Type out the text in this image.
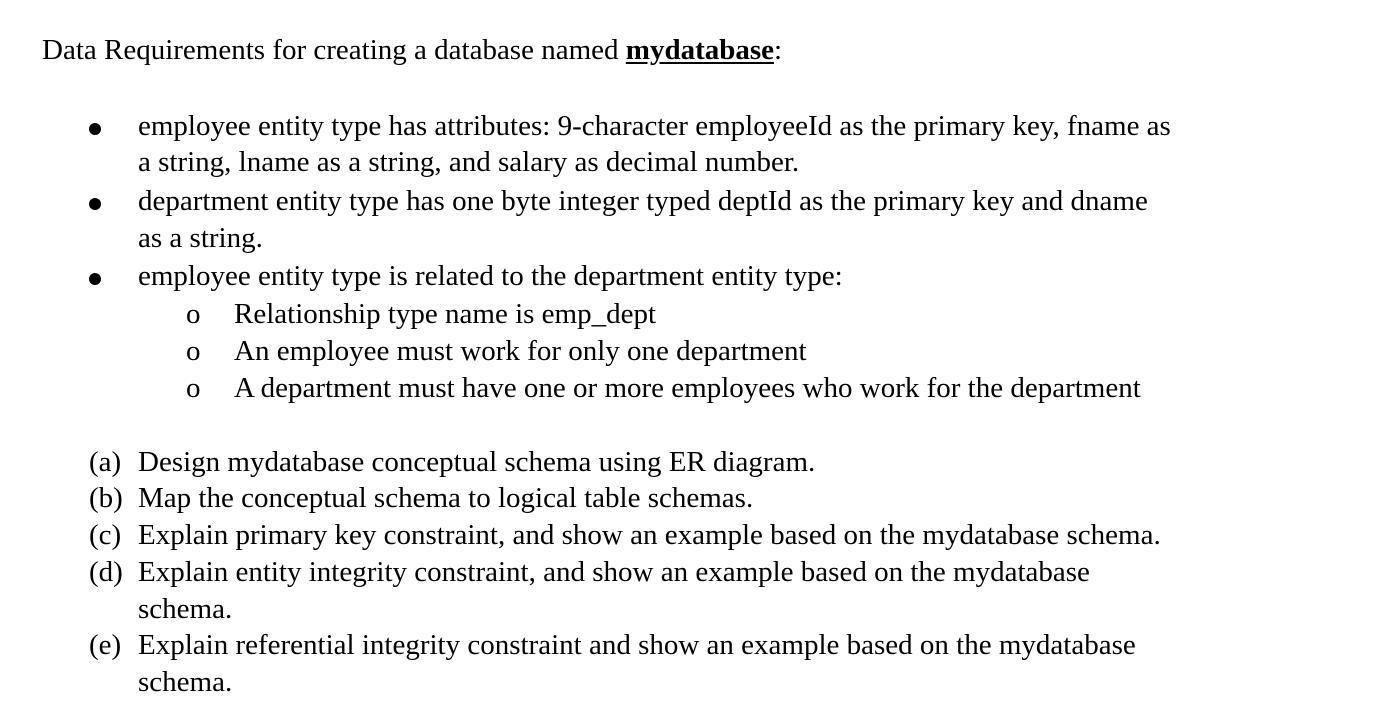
Data Requirements for creating a database named mydatabase:
employee entity type has attributes: 9-character employeeId as the primary key, fname as
a string, lname as a string, and salary as decimal number.
department entity type has one byte integer typed deptId as the primary key and dname
as a string.
employee entity type is related to the department entity type:
o Relationship type name is emp_dept
o An employee must work for only one department
o A department must have one or more employees who work for the department
(a) Design mydatabase conceptual schema using ER diagram.
(b) Map the conceptual schema to logical table schemas.
(c) Explain primary key constraint, and show an example based on the mydatabase schema.
(d) Explain entity integrity constraint, and show an example based on the mydatabase
schema.
(e) Explain referential integrity constraint and show an example based on the mydatabase
schema.
